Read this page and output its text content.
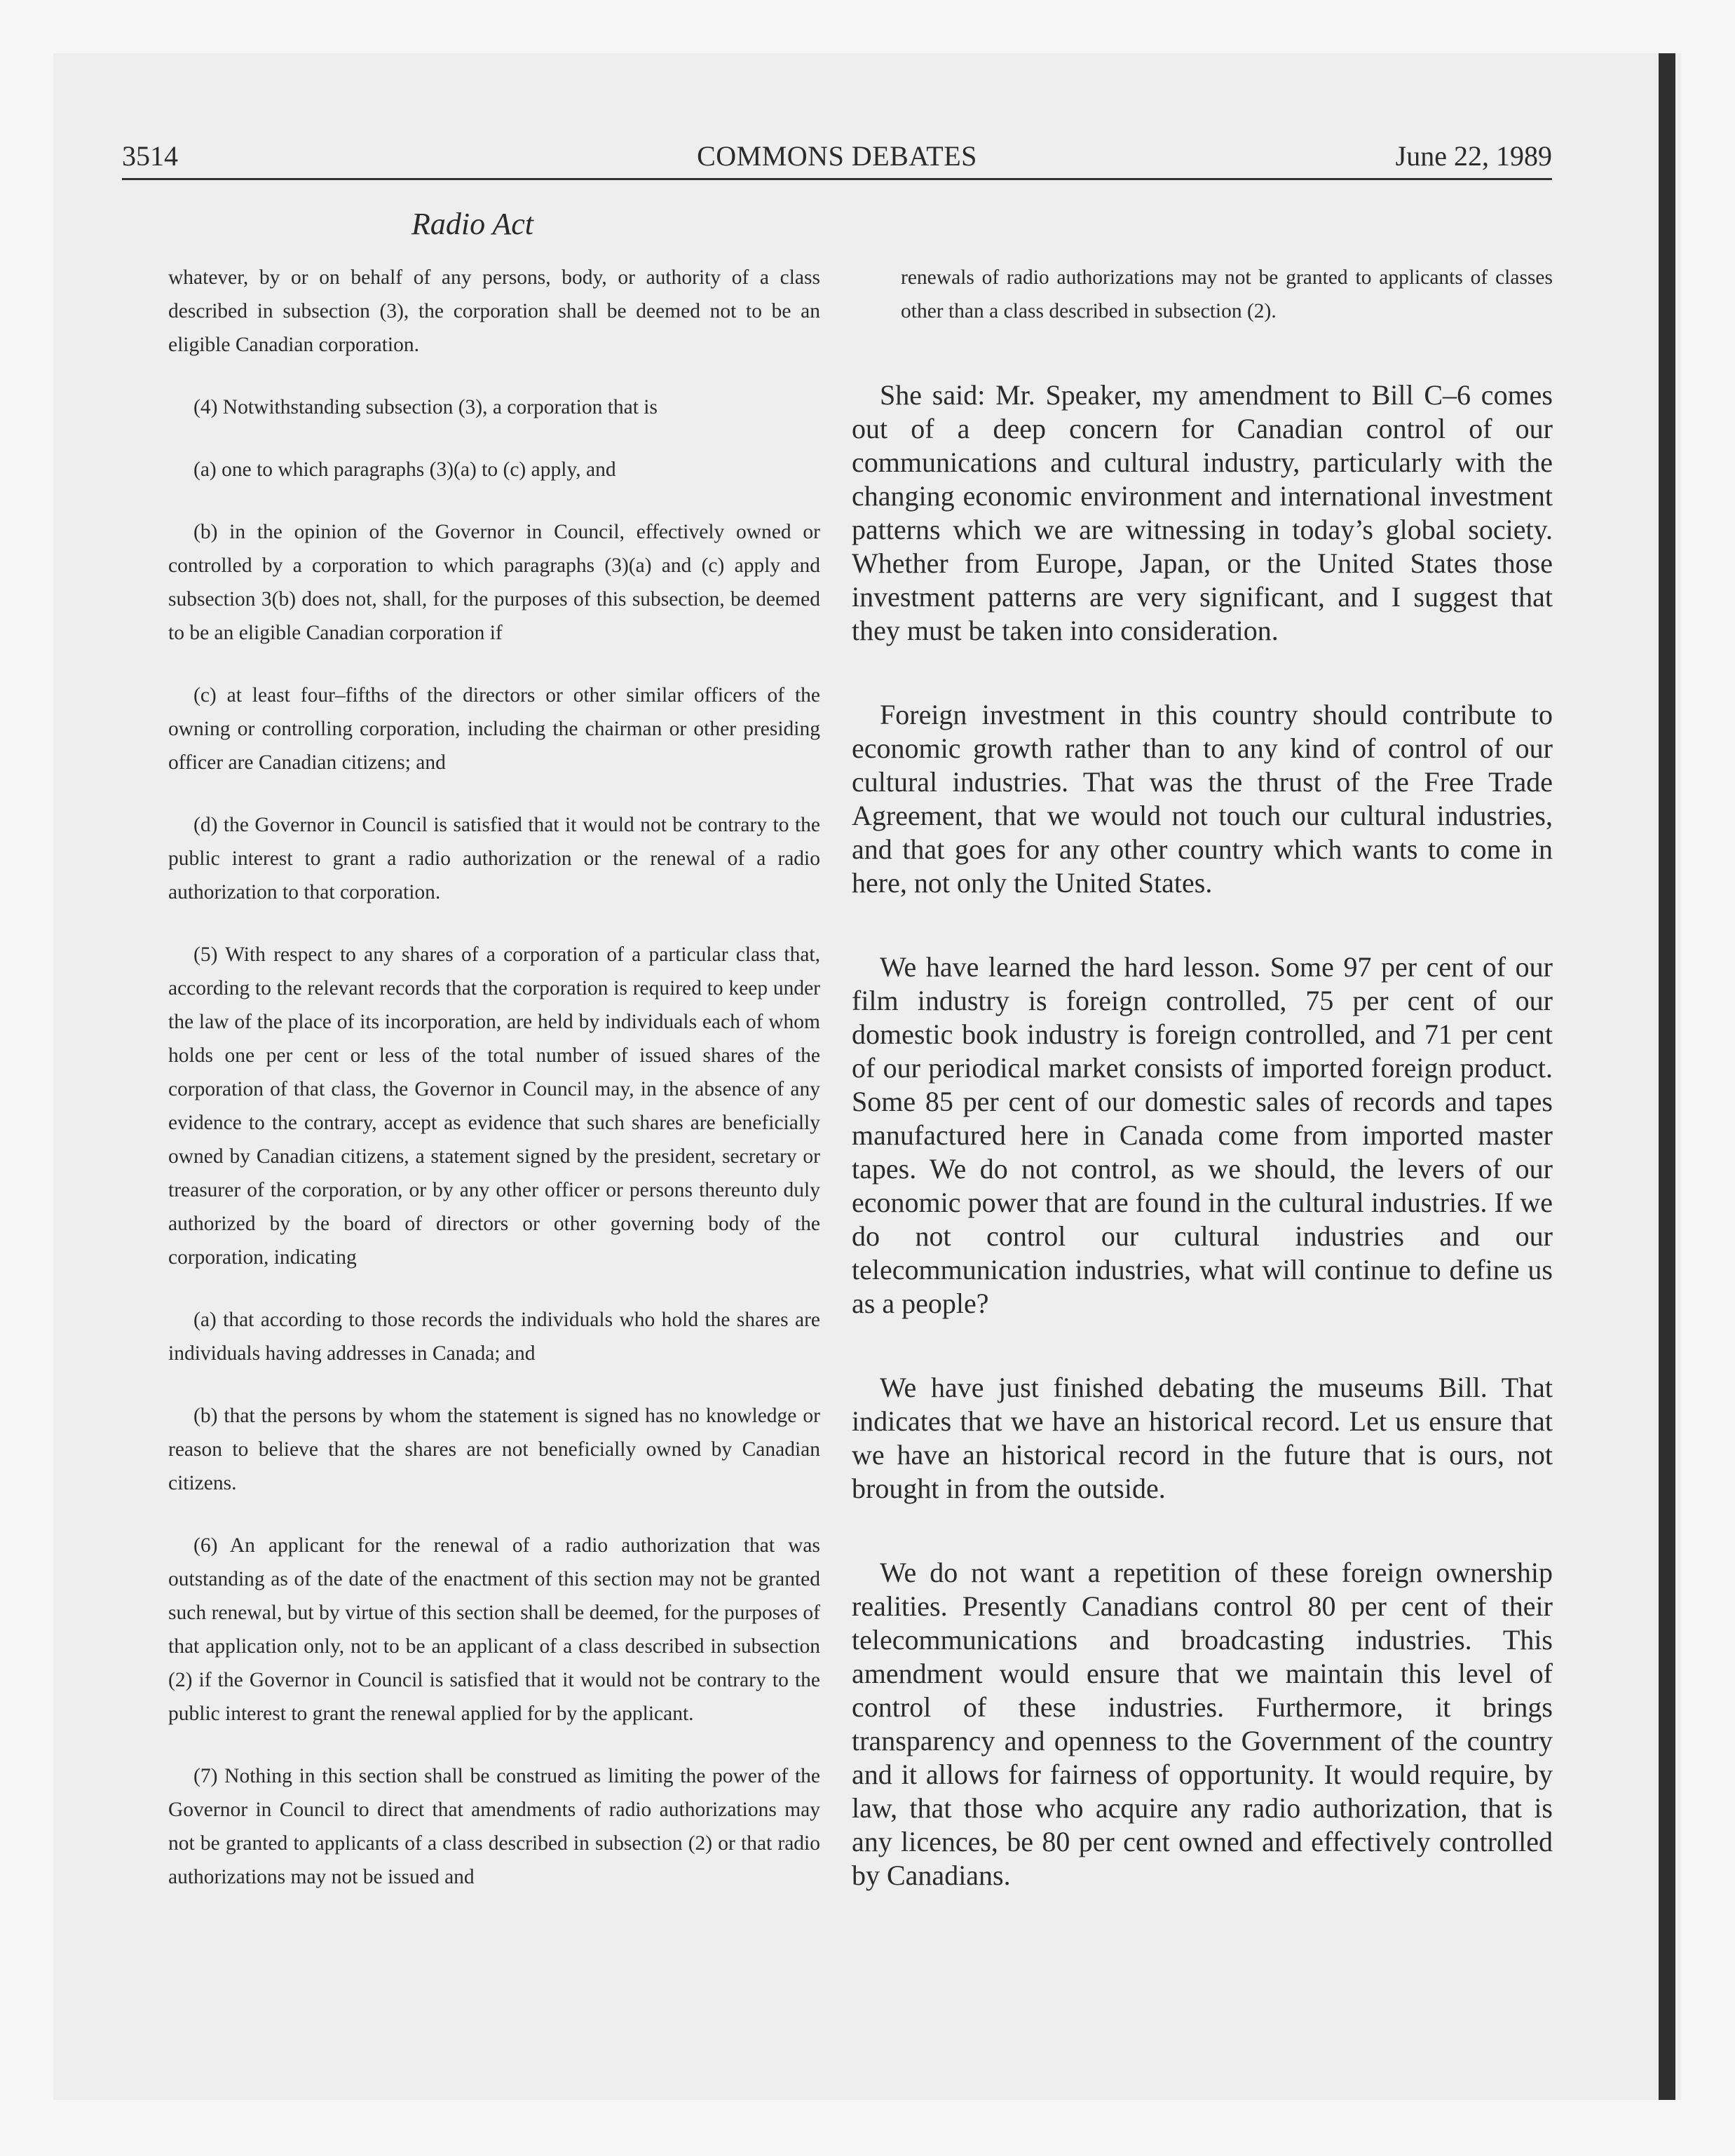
3514	COMMONS DEBATES	June 22, 1989
Radio Act

whatever, by or on behalf of any persons, body, or authority of a class described in subsection (3), the corporation shall be deemed not to be an eligible Canadian corporation.

(4) Notwithstanding subsection (3), a corporation that is

(a) one to which paragraphs (3)(a) to (c) apply, and

(b) in the opinion of the Governor in Council, effectively owned or controlled by a corporation to which paragraphs (3)(a) and (c) apply and subsection 3(b) does not, shall, for the purposes of this subsection, be deemed to be an eligible Canadian corporation if

(c) at least four–fifths of the directors or other similar officers of the owning or controlling corporation, including the chairman or other presiding officer are Canadian citizens; and

(d) the Governor in Council is satisfied that it would not be contrary to the public interest to grant a radio authorization or the renewal of a radio authorization to that corporation.

(5) With respect to any shares of a corporation of a particular class that, according to the relevant records that the corporation is required to keep under the law of the place of its incorporation, are held by individuals each of whom holds one per cent or less of the total number of issued shares of the corporation of that class, the Governor in Council may, in the absence of any evidence to the contrary, accept as evidence that such shares are beneficially owned by Canadian citizens, a statement signed by the president, secretary or treasurer of the corporation, or by any other officer or persons thereunto duly authorized by the board of directors or other governing body of the corporation, indicating

(a) that according to those records the individuals who hold the shares are individuals having addresses in Canada; and

(b) that the persons by whom the statement is signed has no knowledge or reason to believe that the shares are not beneficially owned by Canadian citizens.

(6) An applicant for the renewal of a radio authorization that was outstanding as of the date of the enactment of this section may not be granted such renewal, but by virtue of this section shall be deemed, for the purposes of that application only, not to be an applicant of a class described in subsection (2) if the Governor in Council is satisfied that it would not be contrary to the public interest to grant the renewal applied for by the applicant.

(7) Nothing in this section shall be construed as limiting the power of the Governor in Council to direct that amendments of radio authorizations may not be granted to applicants of a class described in subsection (2) or that radio authorizations may not be issued and

renewals of radio authorizations may not be granted to applicants of classes other than a class described in subsection (2).

She said: Mr. Speaker, my amendment to Bill C–6 comes out of a deep concern for Canadian control of our communications and cultural industry, particularly with the changing economic environment and international investment patterns which we are witnessing in today’s global society. Whether from Europe, Japan, or the United States those investment patterns are very significant, and I suggest that they must be taken into consideration.

Foreign investment in this country should contribute to economic growth rather than to any kind of control of our cultural industries. That was the thrust of the Free Trade Agreement, that we would not touch our cultural industries, and that goes for any other country which wants to come in here, not only the United States.

We have learned the hard lesson. Some 97 per cent of our film industry is foreign controlled, 75 per cent of our domestic book industry is foreign controlled, and 71 per cent of our periodical market consists of imported foreign product. Some 85 per cent of our domestic sales of records and tapes manufactured here in Canada come from imported master tapes. We do not control, as we should, the levers of our economic power that are found in the cultural industries. If we do not control our cultural industries and our telecommunication industries, what will continue to define us as a people?

We have just finished debating the museums Bill. That indicates that we have an historical record. Let us ensure that we have an historical record in the future that is ours, not brought in from the outside.

We do not want a repetition of these foreign ownership realities. Presently Canadians control 80 per cent of their telecommunications and broadcasting industries. This amendment would ensure that we maintain this level of control of these industries. Furthermore, it brings transparency and openness to the Government of the country and it allows for fairness of opportunity. It would require, by law, that those who acquire any radio authorization, that is any licences, be 80 per cent owned and effectively controlled by Canadians.
